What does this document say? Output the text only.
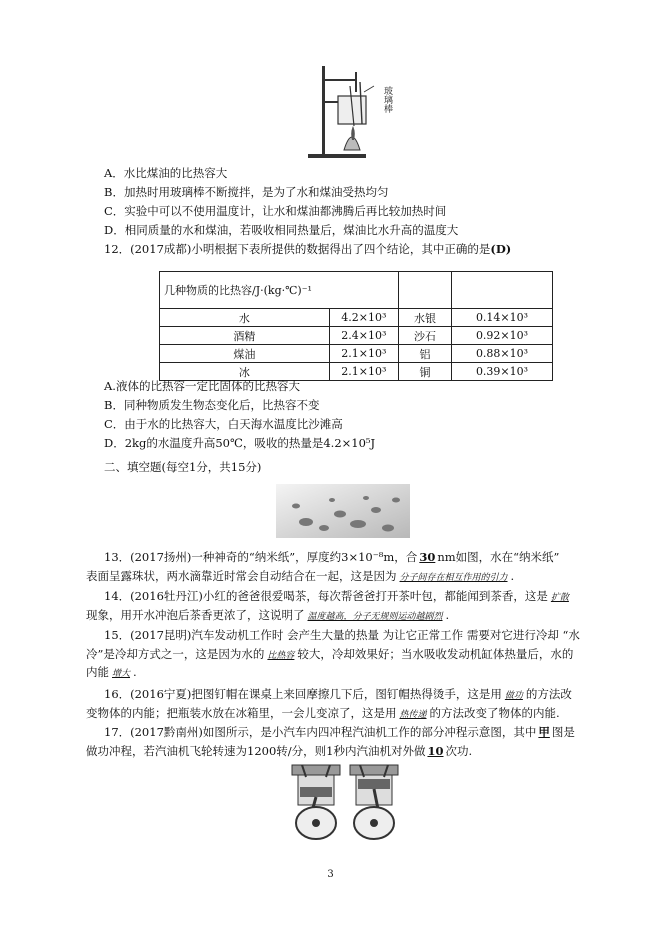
玻璃棒
A．水比煤油的比热容大
B．加热时用玻璃棒不断搅拌，是为了水和煤油受热均匀
C．实验中可以不使用温度计，让水和煤油都沸腾后再比较加热时间
D．相同质量的水和煤油，若吸收相同热量后，煤油比水升高的温度大
12．(2017成都)小明根据下表所提供的数据得出了四个结论，其中正确的是(D)
几种物质的比热容/J·(kg·℃)⁻¹			
水	4.2×10³	水银	0.14×10³
酒精	2.4×10³	沙石	0.92×10³
煤油	2.1×10³	铝	0.88×10³
冰	2.1×10³	铜	0.39×10³
A.液体的比热容一定比固体的比热容大
B．同种物质发生物态变化后，比热容不变
C．由于水的比热容大，白天海水温度比沙滩高
D．2kg的水温度升高50℃，吸收的热量是4.2×10⁵J
二、填空题(每空1分，共15分)
13．(2017扬州)一种神奇的“纳米纸”，厚度约3×10⁻⁸m，合 30 nm如图，水在“纳米纸”
表面呈露珠状，两水滴靠近时常会自动结合在一起，这是因为 分子间存在相互作用的引力 .
14．(2016牡丹江)小红的爸爸很爱喝茶，每次帮爸爸打开茶叶包，都能闻到茶香，这是 扩散
现象，用开水冲泡后茶香更浓了，这说明了 温度越高，分子无规则运动越剧烈 .
15．(2017昆明)汽车发动机工作时 会产生大量的热量 为让它正常工作 需要对它进行冷却 “水
冷”是冷却方式之一，这是因为水的 比热容 较大，冷却效果好；当水吸收发动机缸体热量后，水的
内能 增大 .
16．(2016宁夏)把图钉帽在课桌上来回摩擦几下后，图钉帽热得烫手，这是用 做功 的方法改
变物体的内能；把瓶装水放在冰箱里，一会儿变凉了，这是用 热传递 的方法改变了物体的内能.
17．(2017黔南州)如图所示，是小汽车内四冲程汽油机工作的部分冲程示意图，其中 甲 图是
做功冲程，若汽油机飞轮转速为1200转/分，则1秒内汽油机对外做 10 次功.
3
